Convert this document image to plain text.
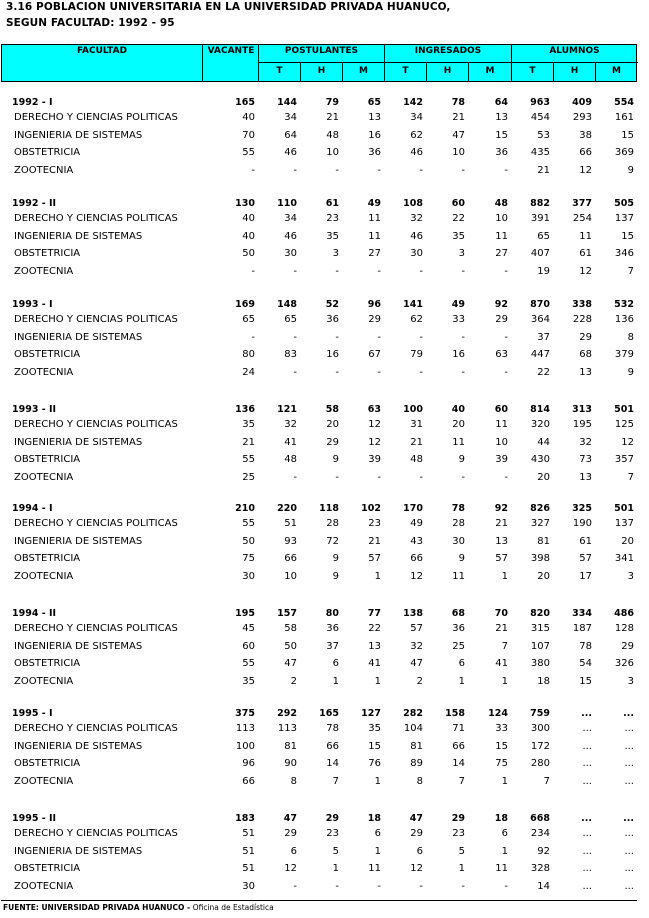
3.16 POBLACION UNIVERSITARIA EN LA UNIVERSIDAD PRIVADA HUANUCO,
SEGUN FACULTAD: 1992 - 95
FACULTAD	VACANTE	POSTULANTES	INGRESADOS	ALUMNOS
T	H	M	T	H	M	T	H	M
1992 - I	165 144	79	65 142	78	64 963 409 554
DERECHO Y CIENCIAS POLITICAS	40	34	21	13	34	21	13 454 293 161
INGENIERIA DE SISTEMAS	70	64	48	16	62	47	15	53	38	15
OBSTETRICIA	55	46	10	36	46	10	36 435	66 369
ZOOTECNIA	-	-	-	-	-	-	-	21	12	9
1992 - II	130 110	61	49 108	60	48 882 377 505
DERECHO Y CIENCIAS POLITICAS	40	34	23	11	32	22	10 391 254 137
INGENIERIA DE SISTEMAS	40	46	35	11	46	35	11	65	11	15
OBSTETRICIA	50	30	3	27	30	3	27 407	61 346
ZOOTECNIA	-	-	-	-	-	-	-	19	12	7
1993 - I	169 148	52	96 141	49	92 870 338 532
DERECHO Y CIENCIAS POLITICAS	65	65	36	29	62	33	29 364 228 136
INGENIERIA DE SISTEMAS	-	-	-	-	-	-	-	37	29	8
OBSTETRICIA	80	83	16	67	79	16	63 447	68 379
ZOOTECNIA	24	-	-	-	-	-	-	22	13	9
1993 - II	136 121	58	63 100	40	60 814 313 501
DERECHO Y CIENCIAS POLITICAS	35	32	20	12	31	20	11 320 195 125
INGENIERIA DE SISTEMAS	21	41	29	12	21	11	10	44	32	12
OBSTETRICIA	55	48	9	39	48	9	39 430	73 357
ZOOTECNIA	25	-	-	-	-	-	-	20	13	7
1994 - I	210 220 118 102 170	78	92 826 325 501
DERECHO Y CIENCIAS POLITICAS	55	51	28	23	49	28	21 327 190 137
INGENIERIA DE SISTEMAS	50	93	72	21	43	30	13	81	61	20
OBSTETRICIA	75	66	9	57	66	9	57 398	57 341
ZOOTECNIA	30	10	9	1	12	11	1	20	17	3
1994 - II	195 157	80	77 138	68	70 820 334 486
DERECHO Y CIENCIAS POLITICAS	45	58	36	22	57	36	21 315 187 128
INGENIERIA DE SISTEMAS	60	50	37	13	32	25	7 107	78	29
OBSTETRICIA	55	47	6	41	47	6	41 380	54 326
ZOOTECNIA	35	2	1	1	2	1	1	18	15	3
1995 - I	375 292 165 127 282 158 124 759	...	...
DERECHO Y CIENCIAS POLITICAS	113 113	78	35 104	71	33 300	...	...
INGENIERIA DE SISTEMAS	100	81	66	15	81	66	15 172	...	...
OBSTETRICIA	96	90	14	76	89	14	75 280	...	...
ZOOTECNIA	66	8	7	1	8	7	1	7	...	...
1995 - II	183	47	29	18	47	29	18 668	...	...
DERECHO Y CIENCIAS POLITICAS	51	29	23	6	29	23	6 234	...	...
INGENIERIA DE SISTEMAS	51	6	5	1	6	5	1	92	...	...
OBSTETRICIA	51	12	1	11	12	1	11 328	...	...
ZOOTECNIA	30	-	-	-	-	-	-	14	...	...
FUENTE: UNIVERSIDAD PRIVADA HUANUCO - Oficina de Estadística
